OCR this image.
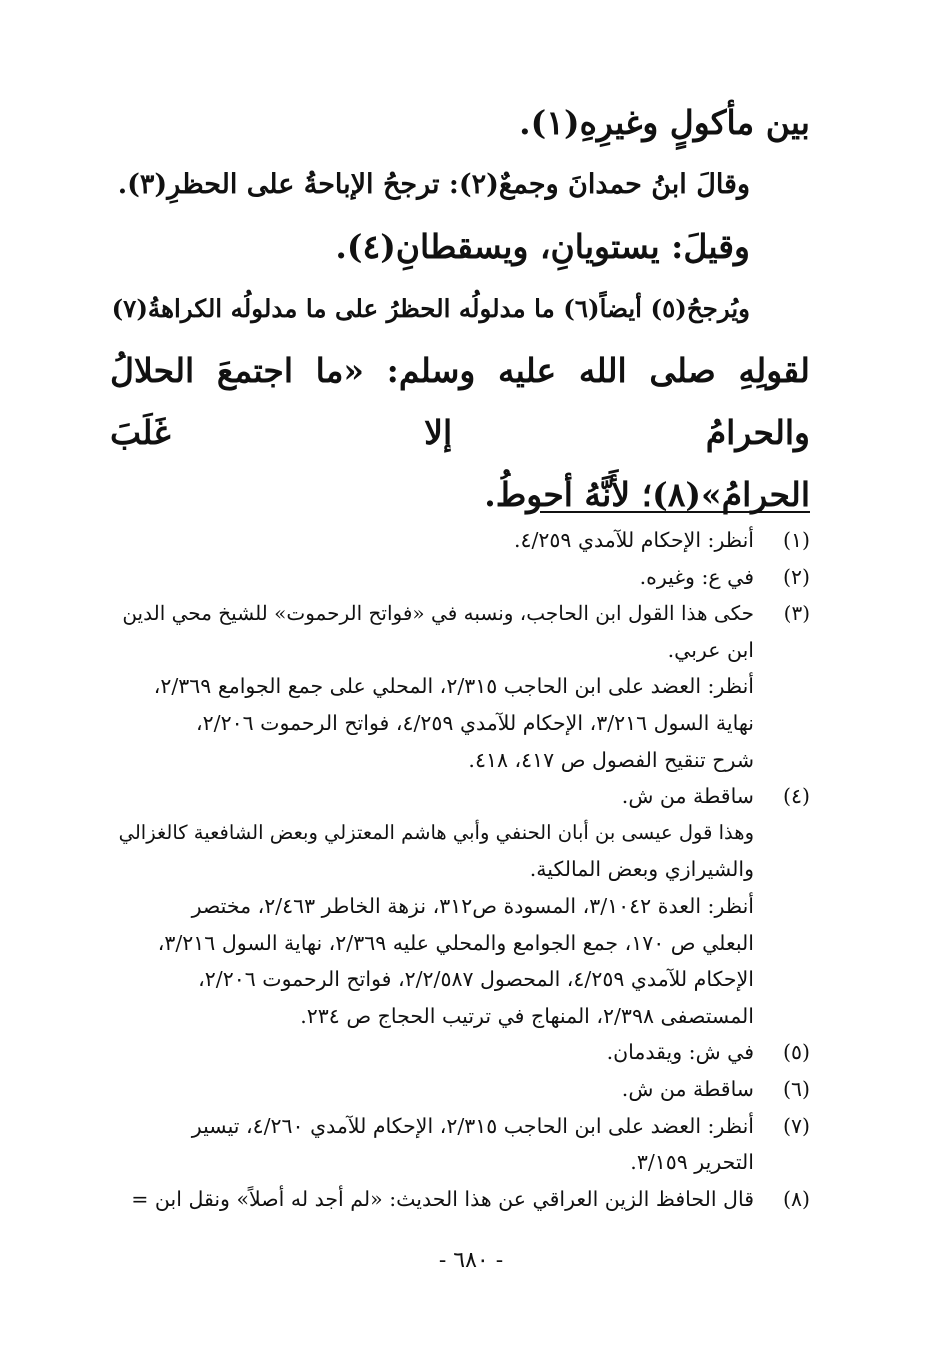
بين مأكولٍ وغيرِهِ(١).
وقالَ ابنُ حمدانَ وجمعٌ(٢): ترجحُ الإباحةُ على الحظرِ(٣).
وقيلَ: يستويانِ، ويسقطانِ(٤).
ويُرجحُ(٥) أيضاً(٦) ما مدلولُه الحظرُ على ما مدلولُه الكراهةُ(٧)
لقولِهِ صلى الله عليه وسلم: «ما اجتمعَ الحلالُ والحرامُ إلا غَلَبَ
الحرامُ»(٨)؛ لأَنَّهُ أحوطُ.
(١)أنظر: الإحكام للآمدي ٤/٢٥٩.
(٢)في ع: وغيره.
(٣)حكى هذا القول ابن الحاجب، ونسبه في «فواتح الرحموت» للشيخ محي الدين
ابن عربي.
أنظر: العضد على ابن الحاجب ٢/٣١٥، المحلي على جمع الجوامع ٢/٣٦٩،
نهاية السول ٣/٢١٦، الإحكام للآمدي ٤/٢٥٩، فواتح الرحموت ٢/٢٠٦،
شرح تنقيح الفصول ص ٤١٧، ٤١٨.
(٤)ساقطة من ش.
وهذا قول عيسى بن أبان الحنفي وأبي هاشم المعتزلي وبعض الشافعية كالغزالي
والشيرازي وبعض المالكية.
أنظر: العدة ٣/١٠٤٢، المسودة ص٣١٢، نزهة الخاطر ٢/٤٦٣، مختصر
البعلي ص ١٧٠، جمع الجوامع والمحلي عليه ٢/٣٦٩، نهاية السول ٣/٢١٦،
الإحكام للآمدي ٤/٢٥٩، المحصول ٢/٢/٥٨٧، فواتح الرحموت ٢/٢٠٦،
المستصفى ٢/٣٩٨، المنهاج في ترتيب الحجاج ص ٢٣٤.
(٥)في ش: ويقدمان.
(٦)ساقطة من ش.
(٧)أنظر: العضد على ابن الحاجب ٢/٣١٥، الإحكام للآمدي ٤/٢٦٠، تيسير
التحرير ٣/١٥٩.
(٨)قال الحافظ الزين العراقي عن هذا الحديث: «لم أجد له أصلاً» ونقل ابن =
- ٦٨٠ -
